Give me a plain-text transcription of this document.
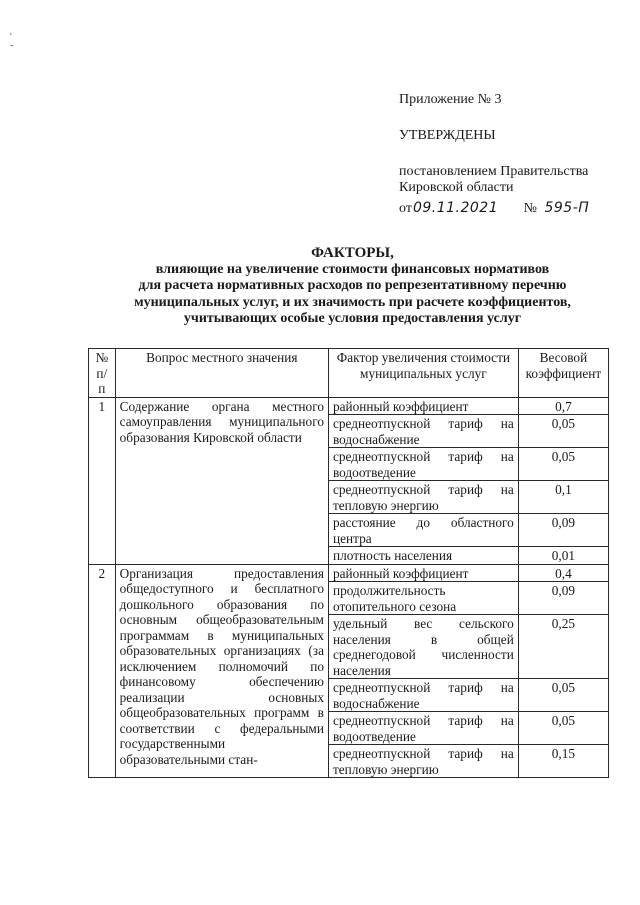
'
-
Приложение № 3
УТВЕРЖДЕНЫ
постановлением Правительства
Кировской области
от09.11.2021 № 595-П
ФАКТОРЫ,
влияющие на увеличение стоимости финансовых нормативов
для расчета нормативных расходов по репрезентативному перечню
муниципальных услуг, и их значимость при расчете коэффициентов,
учитывающих особые условия предоставления услуг
№ п/п	Вопрос местного значения	Фактор увеличения стоимости муниципальных услуг	Весовой коэффициент
1	Содержание органа местного самоуправления муниципального образования Кировской области	районный коэффициент	0,7
		среднеотпускной тариф на водоснабжение	0,05
		среднеотпускной тариф на водоотведение	0,05
		среднеотпускной тариф на тепловую энергию	0,1
		расстояние до областного центра	0,09
		плотность населения	0,01
2	Организация предоставления общедоступного и бесплатного дошкольного образования по основным общеобразовательным программам в муниципальных образовательных организациях (за исключением полномочий по финансовому обеспечению реализации основных общеобразовательных программ в соответствии с федеральными государственными образовательными стан-	районный коэффициент	0,4
		продолжительность отопительного сезона	0,09
		удельный вес сельского населения в общей среднегодовой численности населения	0,25
		среднеотпускной тариф на водоснабжение	0,05
		среднеотпускной тариф на водоотведение	0,05
		среднеотпускной тариф на тепловую энергию	0,15
